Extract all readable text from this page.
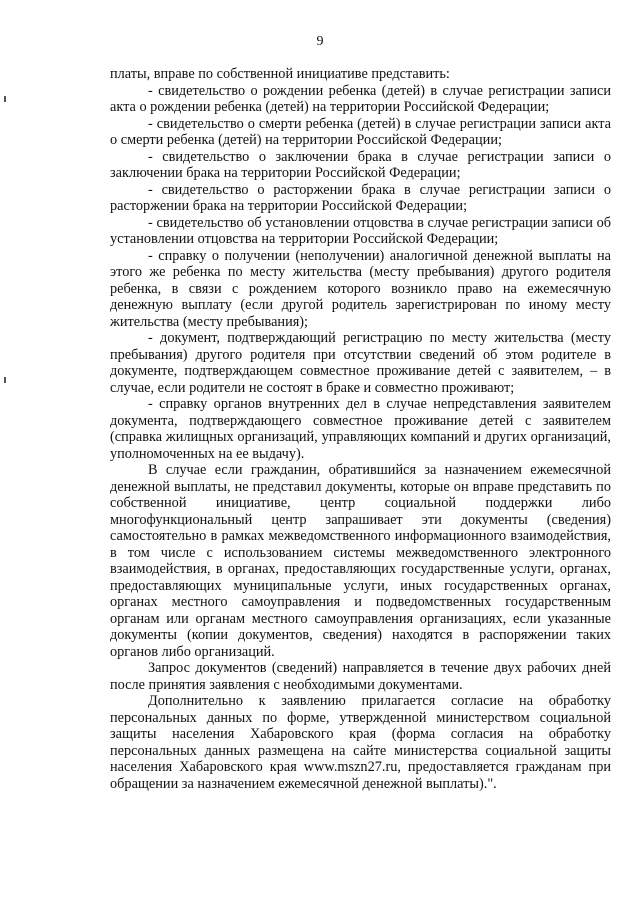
9

платы, вправе по собственной инициативе представить:

- свидетельство о рождении ребенка (детей) в случае регистрации записи акта о рождении ребенка (детей) на территории Российской Федерации;

- свидетельство о смерти ребенка (детей) в случае регистрации записи акта о смерти ребенка (детей) на территории Российской Федерации;

- свидетельство о заключении брака в случае регистрации записи о заключении брака на территории Российской Федерации;

- свидетельство о расторжении брака в случае регистрации записи о расторжении брака на территории Российской Федерации;

- свидетельство об установлении отцовства в случае регистрации записи об установлении отцовства на территории Российской Федерации;

- справку о получении (неполучении) аналогичной денежной выплаты на этого же ребенка по месту жительства (месту пребывания) другого родителя ребенка, в связи с рождением которого возникло право на ежемесячную денежную выплату (если другой родитель зарегистрирован по иному месту жительства (месту пребывания);

- документ, подтверждающий регистрацию по месту жительства (месту пребывания) другого родителя при отсутствии сведений об этом родителе в документе, подтверждающем совместное проживание детей с заявителем, – в случае, если родители не состоят в браке и совместно проживают;

- справку органов внутренних дел в случае непредставления заявителем документа, подтверждающего совместное проживание детей с заявителем (справка жилищных организаций, управляющих компаний и других организаций, уполномоченных на ее выдачу).

В случае если гражданин, обратившийся за назначением ежемесячной денежной выплаты, не представил документы, которые он вправе представить по собственной инициативе, центр социальной поддержки либо многофункциональный центр запрашивает эти документы (сведения) самостоятельно в рамках межведомственного информационного взаимодействия, в том числе с использованием системы межведомственного электронного взаимодействия, в органах, предоставляющих государственные услуги, органах, предоставляющих муниципальные услуги, иных государственных органах, органах местного самоуправления и подведомственных государственным органам или органам местного самоуправления организациях, если указанные документы (копии документов, сведения) находятся в распоряжении таких органов либо организаций.

Запрос документов (сведений) направляется в течение двух рабочих дней после принятия заявления с необходимыми документами.

Дополнительно к заявлению прилагается согласие на обработку персональных данных по форме, утвержденной министерством социальной защиты населения Хабаровского края (форма согласия на обработку персональных данных размещена на сайте министерства социальной защиты населения Хабаровского края www.mszn27.ru, предоставляется гражданам при обращении за назначением ежемесячной денежной выплаты).".
